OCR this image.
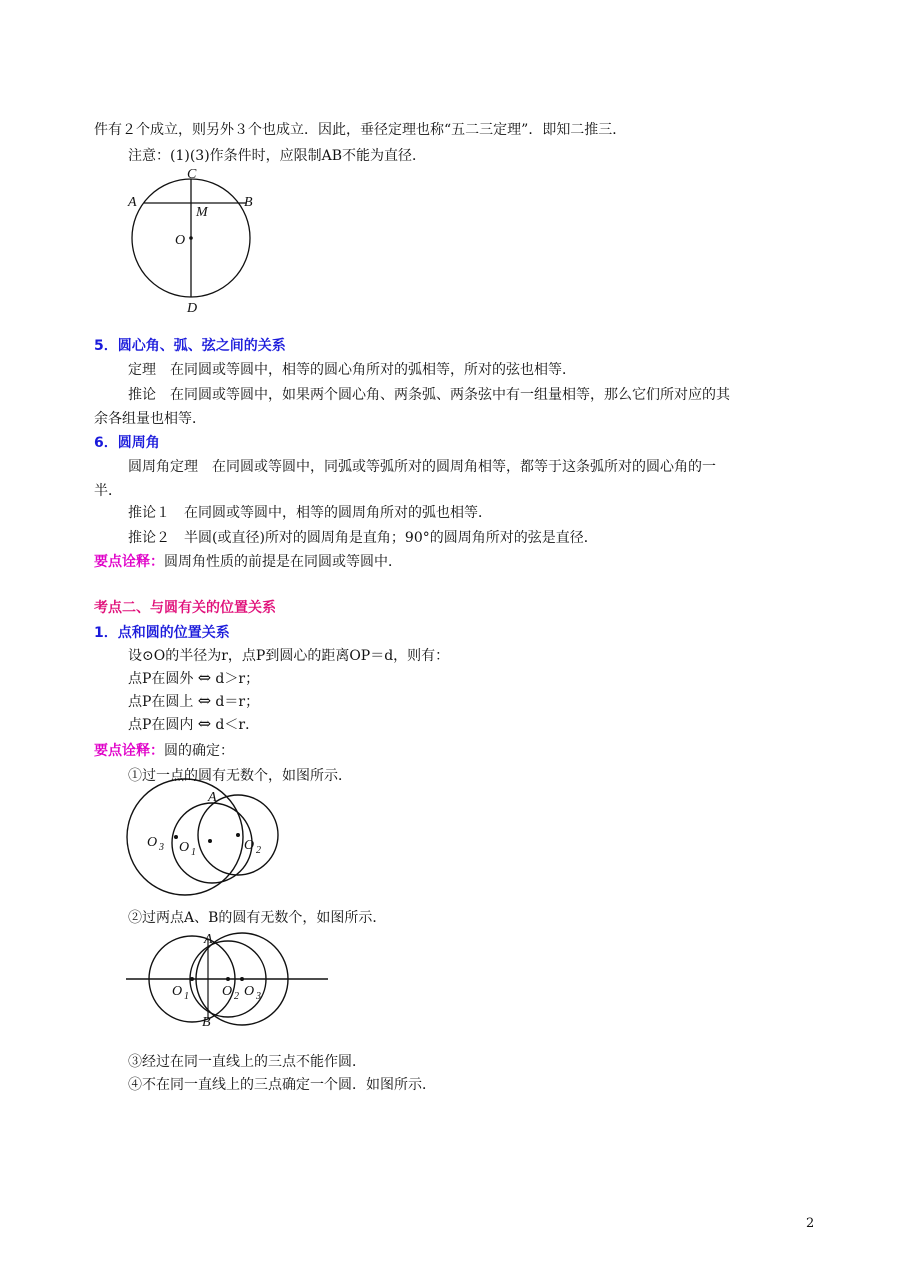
件有２个成立，则另外３个也成立．因此，垂径定理也称“五二三定理”．即知二推三．
注意：(1)(3)作条件时，应限制AB不能为直径．
C
A	B
M
O
D
5．圆心角、弧、弦之间的关系
定理　在同圆或等圆中，相等的圆心角所对的弧相等，所对的弦也相等．
推论　在同圆或等圆中，如果两个圆心角、两条弧、两条弦中有一组量相等，那么它们所对应的其
余各组量也相等．
6．圆周角
圆周角定理　在同圆或等圆中，同弧或等弧所对的圆周角相等，都等于这条弧所对的圆心角的一
半．
推论１　在同圆或等圆中，相等的圆周角所对的弧也相等．
推论２　半圆(或直径)所对的圆周角是直角；90°的圆周角所对的弦是直径．
要点诠释：圆周角性质的前提是在同圆或等圆中．
考点二、与圆有关的位置关系
1．点和圆的位置关系
设⊙O的半径为r，点P到圆心的距离OP＝d，则有：
点P在圆外 ⇔ d＞r；
点P在圆上 ⇔ d＝r；
点P在圆内 ⇔ d＜r．
要点诠释：圆的确定：
①过一点的圆有无数个，如图所示．
A
O 3 O 1	O 2
②过两点A、B的圆有无数个，如图所示．
A
B
O 1 O 2 O 3
③经过在同一直线上的三点不能作圆．
④不在同一直线上的三点确定一个圆．如图所示．
2
